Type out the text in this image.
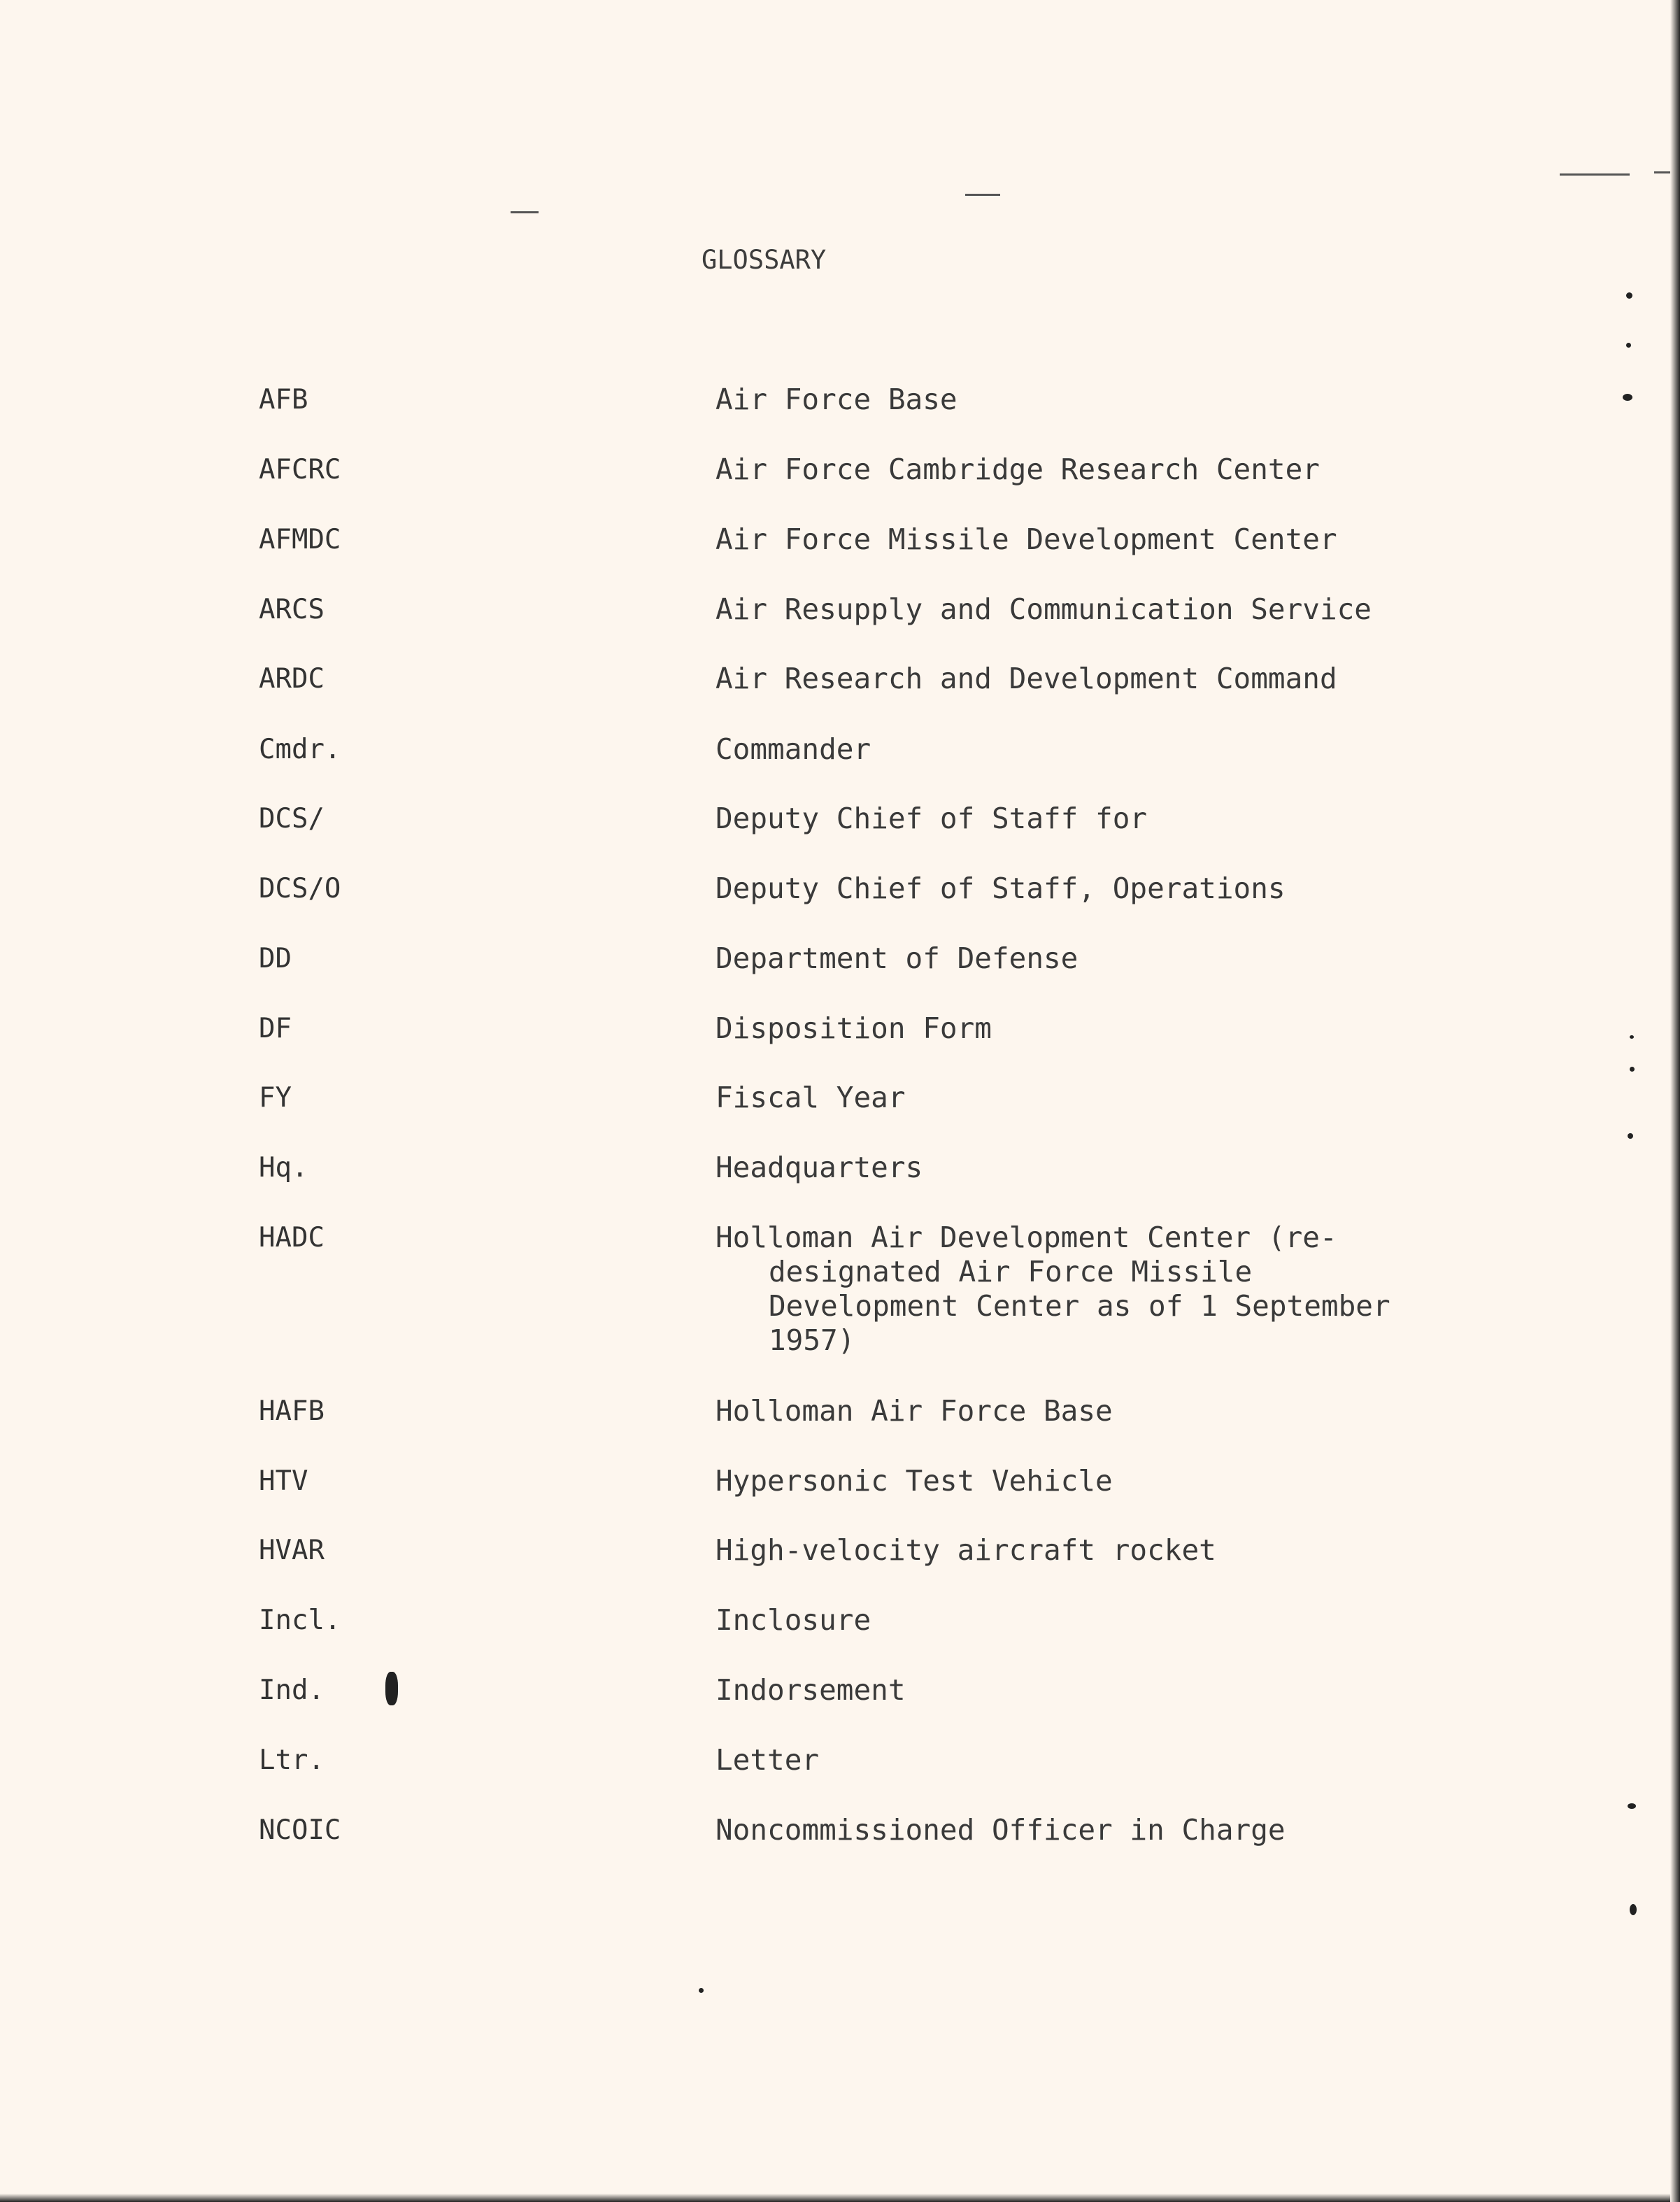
GLOSSARY
AFB	Air Force Base
AFCRC	Air Force Cambridge Research Center
AFMDC	Air Force Missile Development Center
ARCS	Air Resupply and Communication Service
ARDC	Air Research and Development Command
Cmdr.	Commander
DCS/	Deputy Chief of Staff for
DCS/O	Deputy Chief of Staff, Operations
DD	Department of Defense
DF	Disposition Form
FY	Fiscal Year
Hq.	Headquarters
HADC	Holloman Air Development Center (re-
designated Air Force Missile
Development Center as of 1 September
1957)
HAFB	Holloman Air Force Base
HTV	Hypersonic Test Vehicle
HVAR	High-velocity aircraft rocket
Incl.	Inclosure
Ind.	Indorsement
Ltr.	Letter
NCOIC	Noncommissioned Officer in Charge
